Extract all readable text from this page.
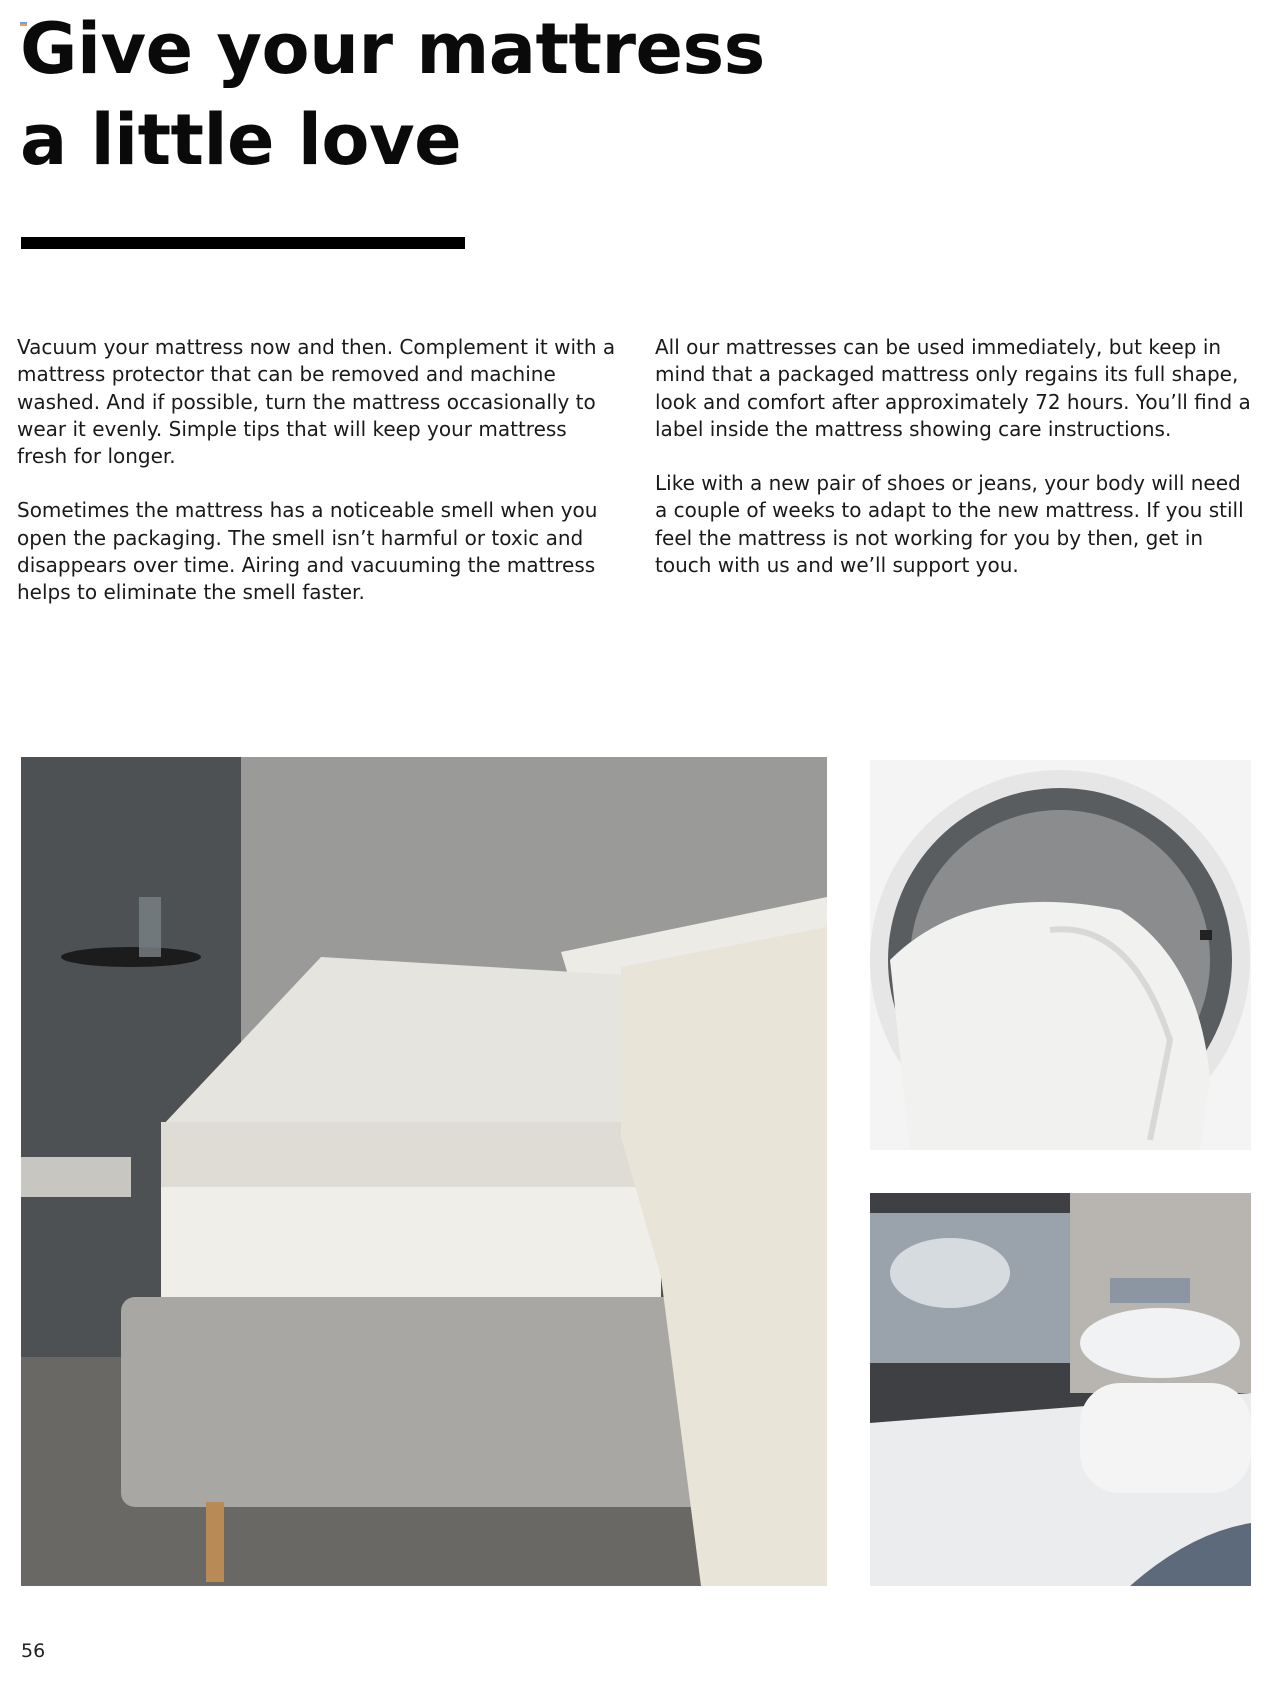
Give your mattress
a little love

Vacuum your mattress now and then. Complement it with a mattress protector that can be removed and machine washed. And if possible, turn the mattress occasionally to wear it evenly. Simple tips that will keep your mattress fresh for longer.

Sometimes the mattress has a noticeable smell when you open the packaging. The smell isn’t harmful or toxic and disappears over time. Airing and vacuuming the mattress helps to eliminate the smell faster.

All our mattresses can be used immediately, but keep in mind that a packaged mattress only regains its full shape, look and comfort after approximately 72 hours. You’ll find a label inside the mattress showing care instructions.

Like with a new pair of shoes or jeans, your body will need a couple of weeks to adapt to the new mattress. If you still feel the mattress is not working for you by then, get in touch with us and we’ll support you.

56
